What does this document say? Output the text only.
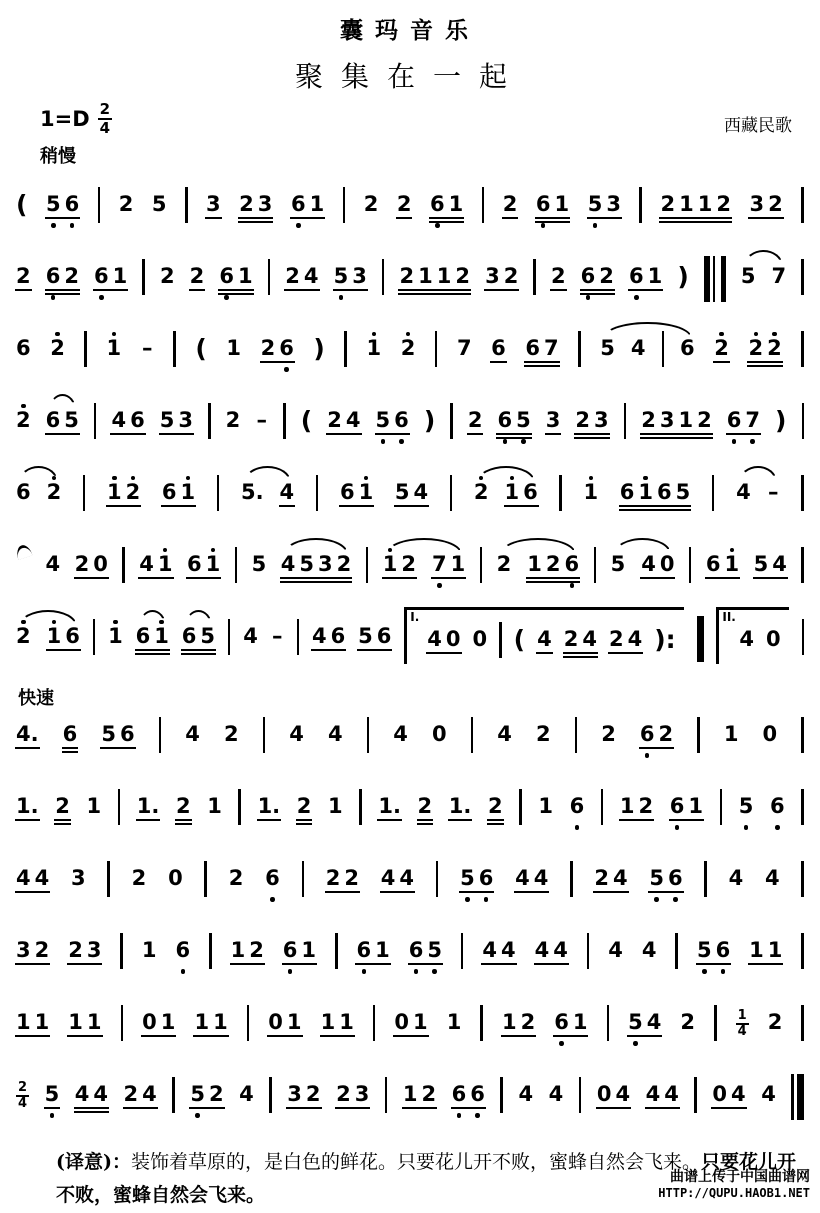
囊玛音乐
聚集在一起
$1=D \frac{2}{4}$	西藏民歌
稍慢
( 5 6 2 5 3 2 3 6 1 2 2 6 1 2 6 1 5 3 2 1 1 2 3 2
2 6 2 6 1 2 2 6 1 2 4 5 3 2 1 1 2 3 2 2 6 2 6 1 ) 5 7
6 2 1 – ( 1 2 6 ) 1 2 7 6 6 7 5 4 6 2 2 2
2 6 5 4 6 5 3 2 – ( 2 4 5 6 ) 2 6 5 3 2 3 2 3 1 2 6 7 )
6 2 1 2 6 1 5. 4 6 1 5 4 2 1 6 1 6 1 6 5 4 –
4 2 0 4 1 6 1 5 4 5 3 2 1 2 7 1 2 1 2 6 5 4 0 6 1 5 4
2 1 6 1 6 1 6 5 4 – 4 6 5 6
I.
4 0 0 ( 4 2 4 2 4 ):
II.
4 0
快速
4. 6 5 6 4 2 4 4 4 0 4 2 2 6 2 1 0
1. 2 1 1. 2 1 1. 2 1 1. 2 1. 2 1 6 1 2 6 1 5 6
4 4 3 2 0 2 6 2 2 4 4 5 6 4 4 2 4 5 6 4 4
3 2 2 3 1 6 1 2 6 1 6 1 6 5 4 4 4 4 4 4 5 6 1 1
1 1 1 1 0 1 1 1 0 1 1 1 0 1 1 1 2 6 1 5 4 2	$\frac{1}{4} 2$
$\frac{2}{4} 5$ 4 4 2 4 5 2 4 3 2 2 3 1 2 6 6 4 4 0 4 4 4 0 4 4
(译意)：装饰着草原的，是白色的鲜花。只要花儿开不败，蜜蜂自然会飞来。只要花儿开不败，蜜蜂自然会飞来。
曲谱上传于中国曲谱网
HTTP://QUPU.HAOB1.NET
